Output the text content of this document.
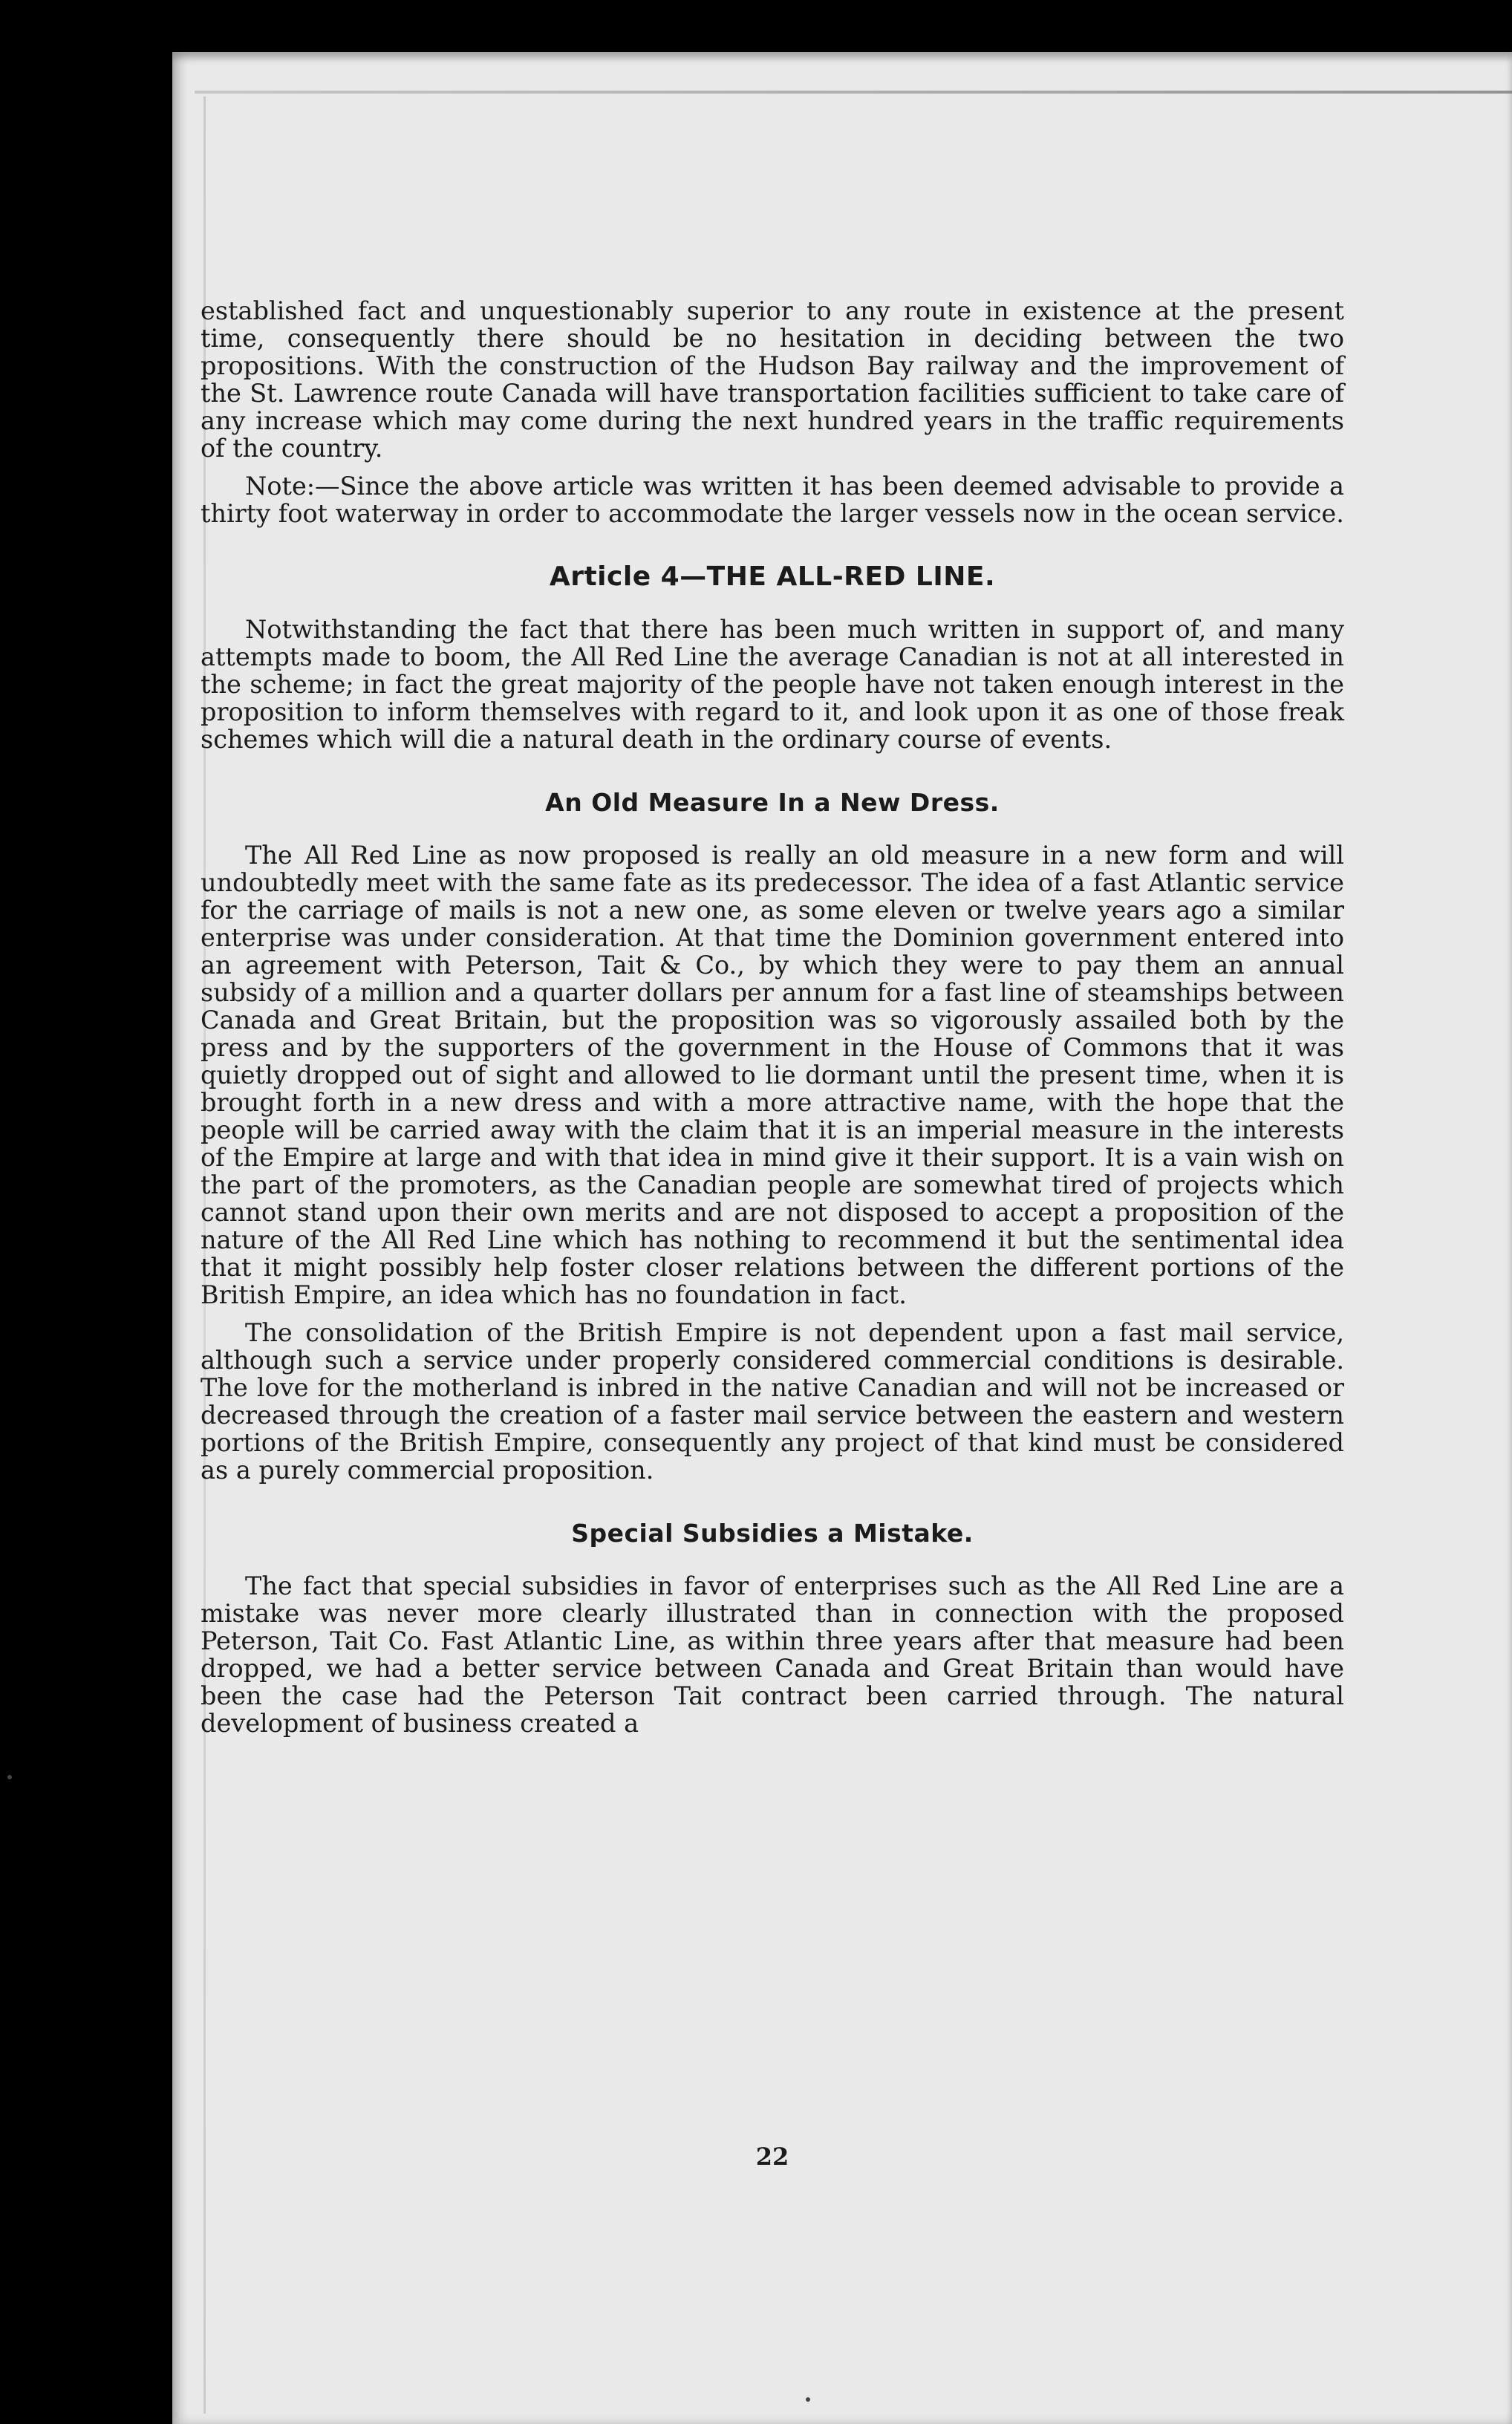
established fact and unquestionably superior to any route in existence at the present time, consequently there should be no hesitation in deciding between the two propositions. With the construction of the Hudson Bay railway and the improvement of the St. Lawrence route Canada will have transportation facilities sufficient to take care of any increase which may come during the next hundred years in the traffic requirements of the country.

Note:—Since the above article was written it has been deemed advisable to provide a thirty foot waterway in order to accommodate the larger vessels now in the ocean service.

Article 4—THE ALL-RED LINE.

Notwithstanding the fact that there has been much written in support of, and many attempts made to boom, the All Red Line the average Canadian is not at all interested in the scheme; in fact the great majority of the people have not taken enough interest in the proposition to inform themselves with regard to it, and look upon it as one of those freak schemes which will die a natural death in the ordinary course of events.

An Old Measure In a New Dress.

The All Red Line as now proposed is really an old measure in a new form and will undoubtedly meet with the same fate as its predecessor. The idea of a fast Atlantic service for the carriage of mails is not a new one, as some eleven or twelve years ago a similar enterprise was under consideration. At that time the Dominion government entered into an agreement with Peterson, Tait & Co., by which they were to pay them an annual subsidy of a million and a quarter dollars per annum for a fast line of steamships between Canada and Great Britain, but the proposition was so vigorously assailed both by the press and by the supporters of the government in the House of Commons that it was quietly dropped out of sight and allowed to lie dormant until the present time, when it is brought forth in a new dress and with a more attractive name, with the hope that the people will be carried away with the claim that it is an imperial measure in the interests of the Empire at large and with that idea in mind give it their support. It is a vain wish on the part of the promoters, as the Canadian people are somewhat tired of projects which cannot stand upon their own merits and are not disposed to accept a proposition of the nature of the All Red Line which has nothing to recommend it but the sentimental idea that it might possibly help foster closer relations between the different portions of the British Empire, an idea which has no foundation in fact.

The consolidation of the British Empire is not dependent upon a fast mail service, although such a service under properly considered commercial conditions is desirable. The love for the motherland is inbred in the native Canadian and will not be increased or decreased through the creation of a faster mail service between the eastern and western portions of the British Empire, consequently any project of that kind must be considered as a purely commercial proposition.

Special Subsidies a Mistake.

The fact that special subsidies in favor of enterprises such as the All Red Line are a mistake was never more clearly illustrated than in connection with the proposed Peterson, Tait Co. Fast Atlantic Line, as within three years after that measure had been dropped, we had a better service between Canada and Great Britain than would have been the case had the Peterson Tait contract been carried through. The natural development of business created a

22
